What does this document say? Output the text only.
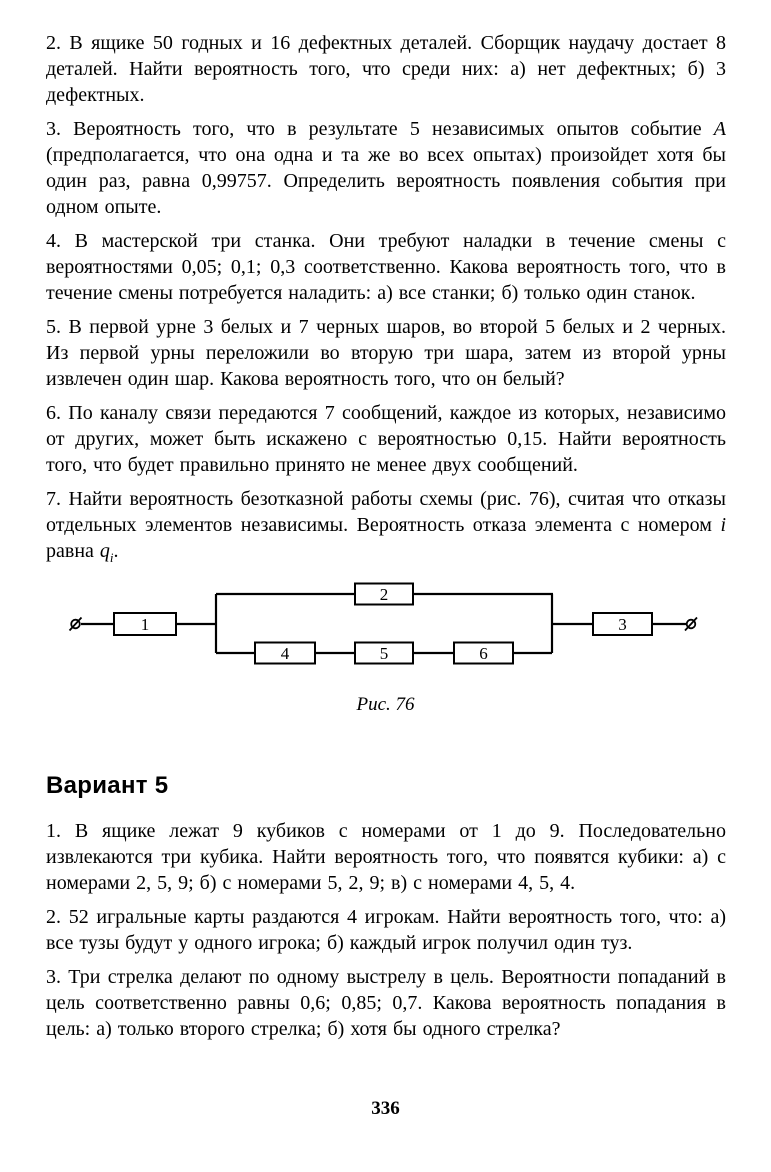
2. В ящике 50 годных и 16 дефектных деталей. Сборщик наудачу достает 8 деталей. Найти вероятность того, что среди них: а) нет дефектных; б) 3 дефектных.

3. Вероятность того, что в результате 5 независимых опытов событие A (предполагается, что она одна и та же во всех опытах) произойдет хотя бы один раз, равна 0,99757. Определить вероятность появления события при одном опыте.

4. В мастерской три станка. Они требуют наладки в течение смены с вероятностями 0,05; 0,1; 0,3 соответственно. Какова вероятность того, что в течение смены потребуется наладить: а) все станки; б) только один станок.

5. В первой урне 3 белых и 7 черных шаров, во второй 5 белых и 2 черных. Из первой урны переложили во вторую три шара, затем из второй урны извлечен один шар. Какова вероятность того, что он белый?

6. По каналу связи передаются 7 сообщений, каждое из которых, независимо от других, может быть искажено с вероятностью 0,15. Найти вероятность того, что будет правильно принято не менее двух сообщений.

7. Найти вероятность безотказной работы схемы (рис. 76), считая что отказы отдельных элементов независимы. Вероятность отказа элемента с номером i равна $q_i$.

1
2
4	5	6
3

Рис. 76

Вариант 5

1. В ящике лежат 9 кубиков с номерами от 1 до 9. Последовательно извлекаются три кубика. Найти вероятность того, что появятся кубики: а) с номерами 2, 5, 9; б) с номерами 5, 2, 9; в) с номерами 4, 5, 4.

2. 52 игральные карты раздаются 4 игрокам. Найти вероятность того, что: а) все тузы будут у одного игрока; б) каждый игрок получил один туз.

3. Три стрелка делают по одному выстрелу в цель. Вероятности попаданий в цель соответственно равны 0,6; 0,85; 0,7. Какова вероятность попадания в цель: а) только второго стрелка; б) хотя бы одного стрелка?

336
